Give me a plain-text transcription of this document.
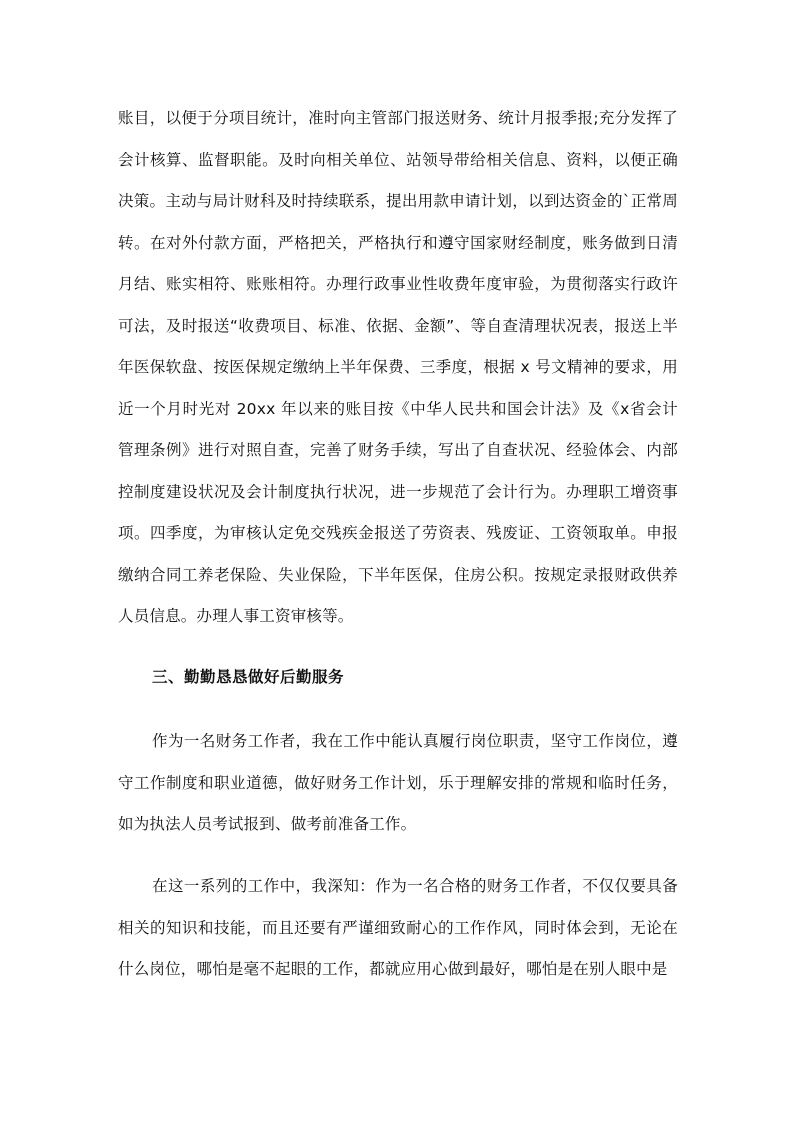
账目，以便于分项目统计，准时向主管部门报送财务、统计月报季报;充分发挥了会计核算、监督职能。及时向相关单位、站领导带给相关信息、资料，以便正确决策。主动与局计财科及时持续联系，提出用款申请计划，以到达资金的`正常周转。在对外付款方面，严格把关，严格执行和遵守国家财经制度，账务做到日清月结、账实相符、账账相符。办理行政事业性收费年度审验，为贯彻落实行政许可法，及时报送“收费项目、标准、依据、金额”、等自查清理状况表，报送上半年医保软盘、按医保规定缴纳上半年保费、三季度，根据 x 号文精神的要求，用近一个月时光对 20xx 年以来的账目按《中华人民共和国会计法》及《x省会计管理条例》进行对照自查，完善了财务手续，写出了自查状况、经验体会、内部控制度建设状况及会计制度执行状况，进一步规范了会计行为。办理职工增资事项。四季度，为审核认定免交残疾金报送了劳资表、残废证、工资领取单。申报缴纳合同工养老保险、失业保险，下半年医保，住房公积。按规定录报财政供养人员信息。办理人事工资审核等。

三、勤勤恳恳做好后勤服务

作为一名财务工作者，我在工作中能认真履行岗位职责，坚守工作岗位，遵守工作制度和职业道德，做好财务工作计划，乐于理解安排的常规和临时任务，如为执法人员考试报到、做考前准备工作。

在这一系列的工作中，我深知：作为一名合格的财务工作者，不仅仅要具备相关的知识和技能，而且还要有严谨细致耐心的工作作风，同时体会到，无论在什么岗位，哪怕是毫不起眼的工作，都就应用心做到最好，哪怕是在别人眼中是
